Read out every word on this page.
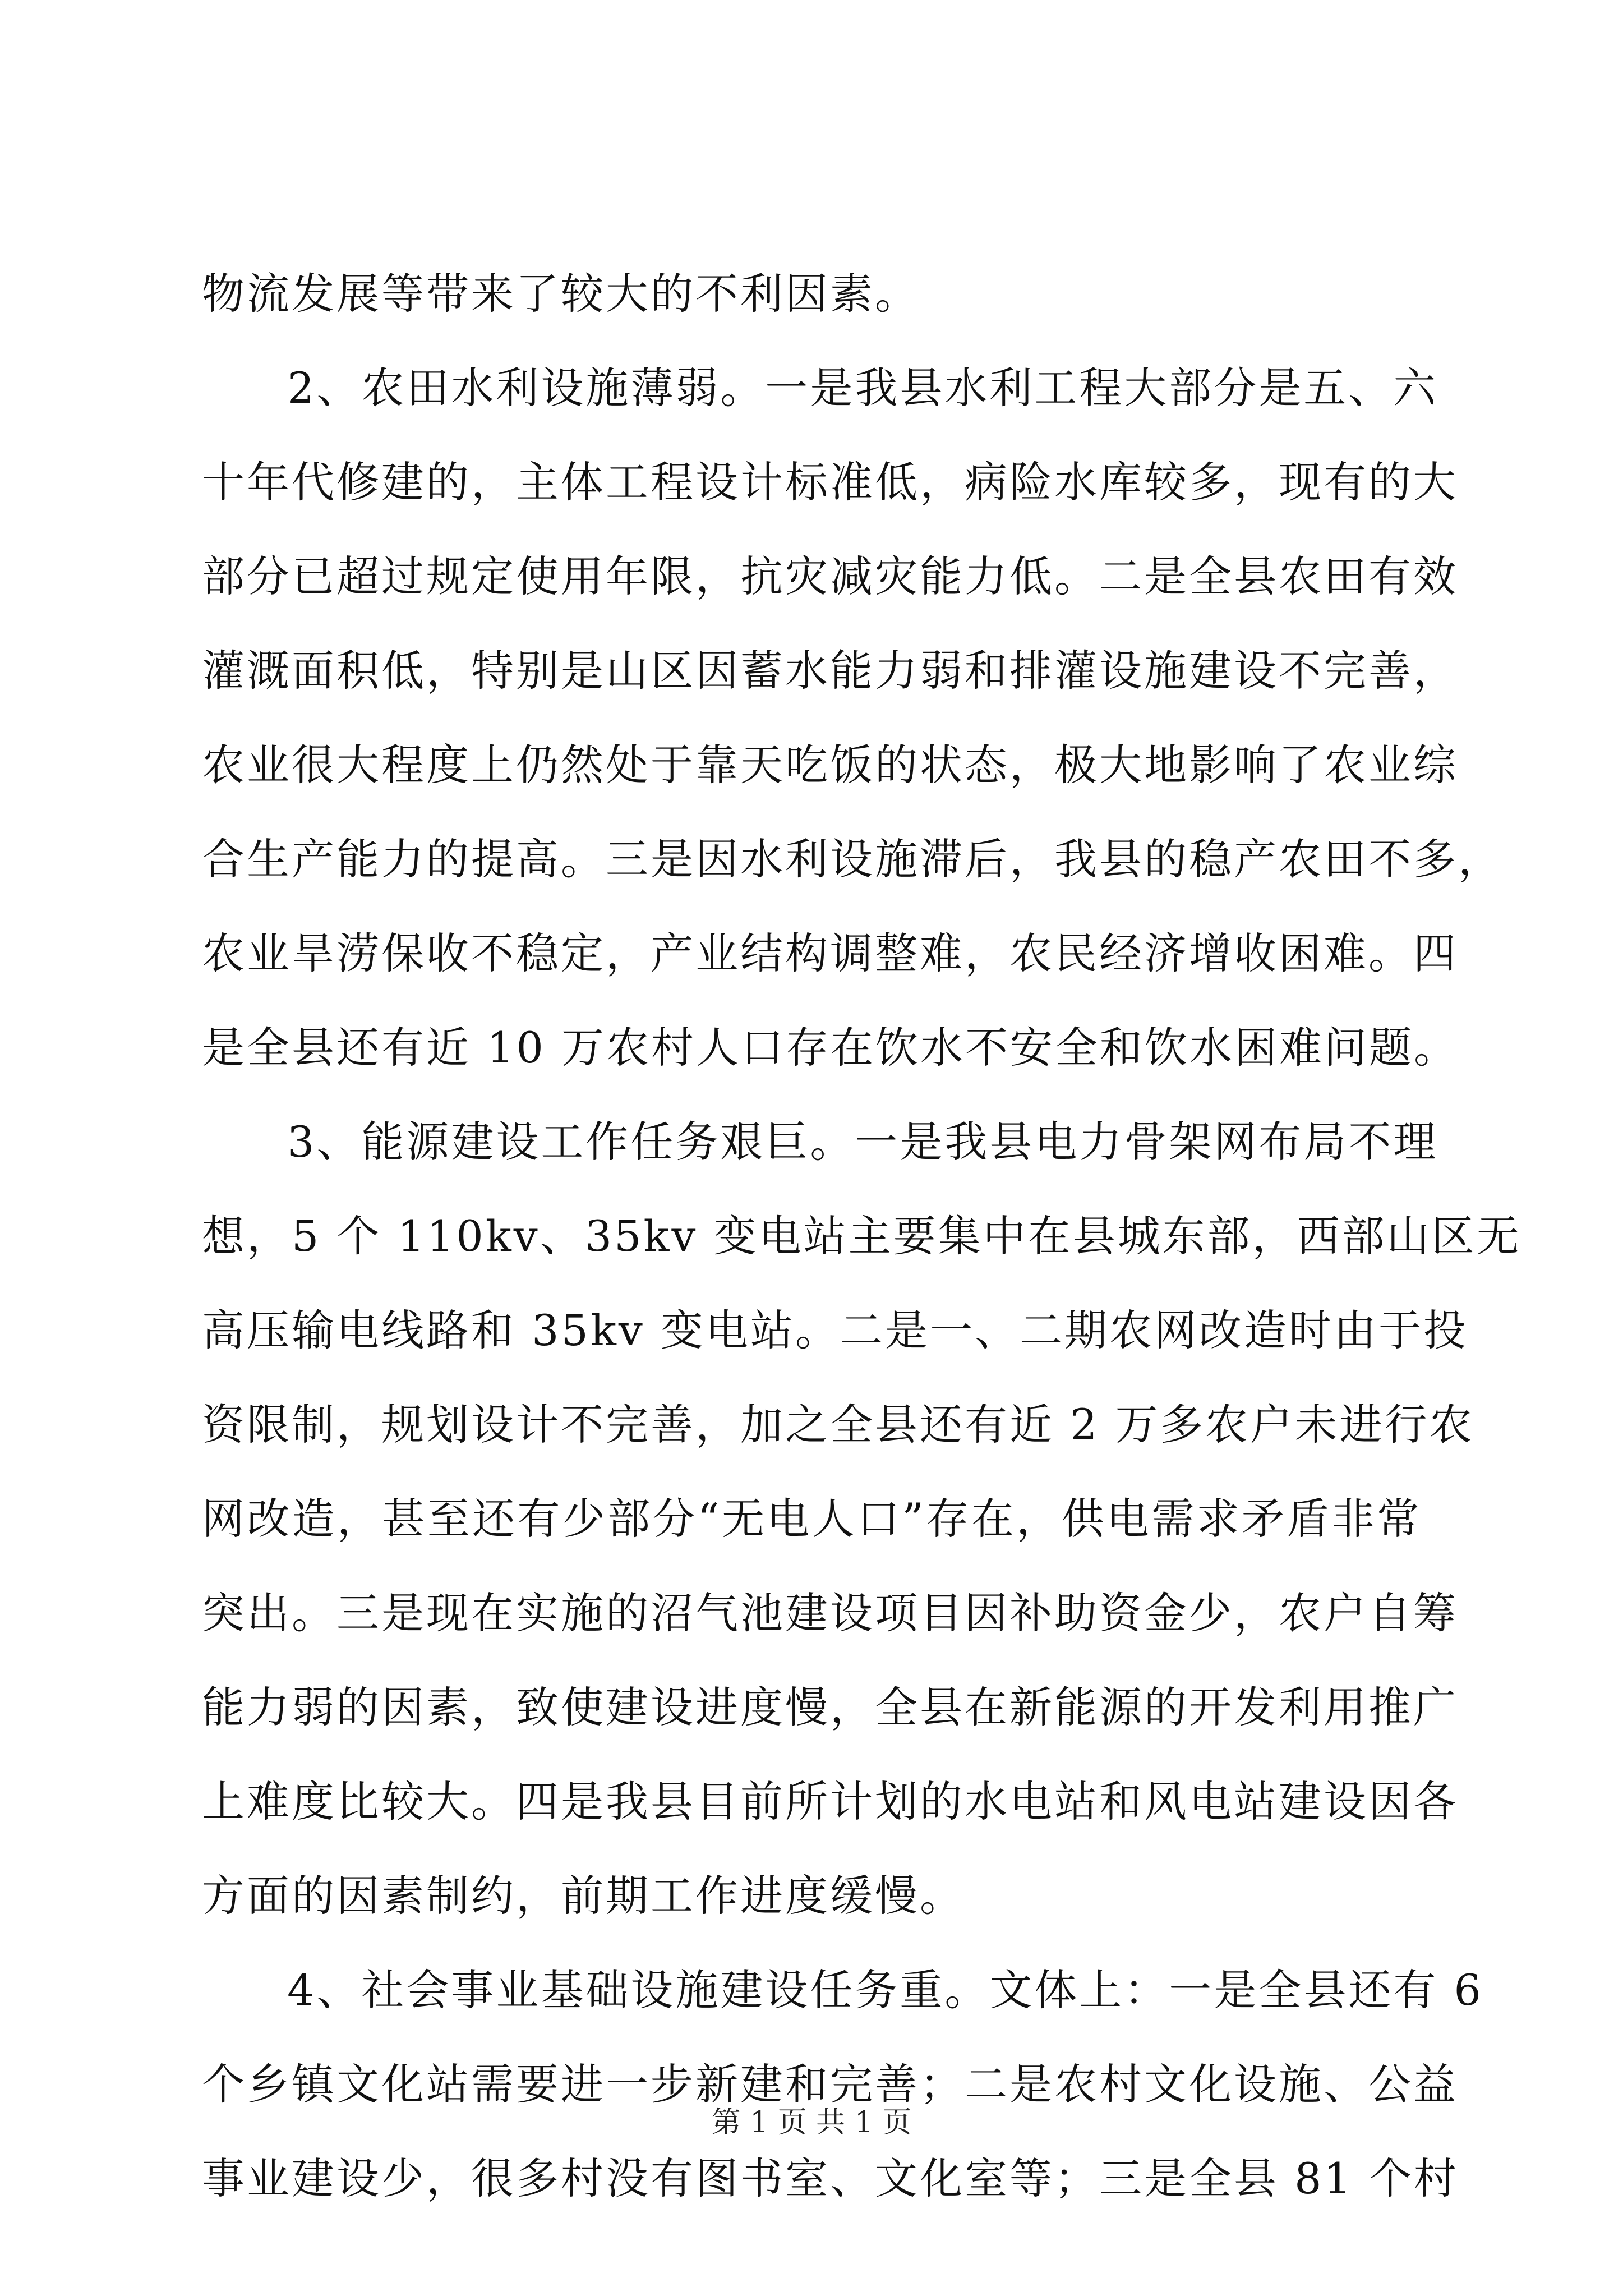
物流发展等带来了较大的不利因素。
2、农田水利设施薄弱。一是我县水利工程大部分是五、六
十年代修建的，主体工程设计标准低，病险水库较多，现有的大
部分已超过规定使用年限，抗灾减灾能力低。二是全县农田有效
灌溉面积低，特别是山区因蓄水能力弱和排灌设施建设不完善，
农业很大程度上仍然处于靠天吃饭的状态，极大地影响了农业综
合生产能力的提高。三是因水利设施滞后，我县的稳产农田不多，
农业旱涝保收不稳定，产业结构调整难，农民经济增收困难。四
是全县还有近 10 万农村人口存在饮水不安全和饮水困难问题。
3、能源建设工作任务艰巨。一是我县电力骨架网布局不理
想，5 个 110kv、35kv 变电站主要集中在县城东部，西部山区无
高压输电线路和 35kv 变电站。二是一、二期农网改造时由于投
资限制，规划设计不完善，加之全县还有近 2 万多农户未进行农
网改造，甚至还有少部分“无电人口”存在，供电需求矛盾非常
突出。三是现在实施的沼气池建设项目因补助资金少，农户自筹
能力弱的因素，致使建设进度慢，全县在新能源的开发利用推广
上难度比较大。四是我县目前所计划的水电站和风电站建设因各
方面的因素制约，前期工作进度缓慢。
4、社会事业基础设施建设任务重。文体上：一是全县还有 6
个乡镇文化站需要进一步新建和完善；二是农村文化设施、公益
事业建设少，很多村没有图书室、文化室等；三是全县 81 个村
第 1 页 共 1 页
